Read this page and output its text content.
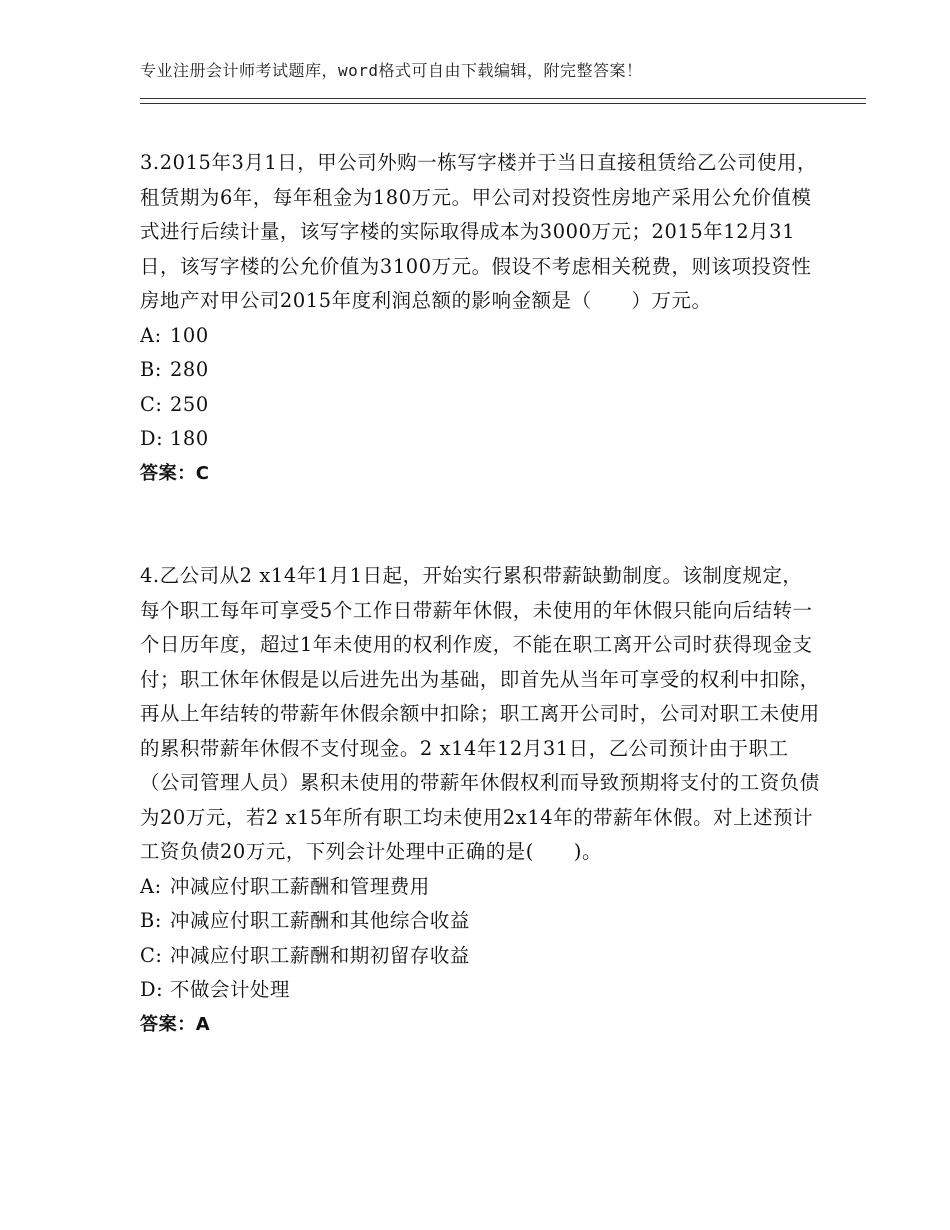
专业注册会计师考试题库，word格式可自由下载编辑，附完整答案！

3.2015年3月1日，甲公司外购一栋写字楼并于当日直接租赁给乙公司使用，租赁期为6年，每年租金为180万元。甲公司对投资性房地产采用公允价值模式进行后续计量，该写字楼的实际取得成本为3000万元；2015年12月31日，该写字楼的公允价值为3100万元。假设不考虑相关税费，则该项投资性房地产对甲公司2015年度利润总额的影响金额是（　　）万元。

A: 100

B: 280

C: 250

D: 180

答案：C

4.乙公司从2 x14年1月1日起，开始实行累积带薪缺勤制度。该制度规定，每个职工每年可享受5个工作日带薪年休假，未使用的年休假只能向后结转一个日历年度，超过1年未使用的权利作废，不能在职工离开公司时获得现金支付；职工休年休假是以后进先出为基础，即首先从当年可享受的权利中扣除，再从上年结转的带薪年休假余额中扣除；职工离开公司时，公司对职工未使用的累积带薪年休假不支付现金。2 x14年12月31日，乙公司预计由于职工（公司管理人员）累积未使用的带薪年休假权利而导致预期将支付的工资负债为20万元，若2 x15年所有职工均未使用2x14年的带薪年休假。对上述预计工资负债20万元，下列会计处理中正确的是(　　)。

A: 冲减应付职工薪酬和管理费用

B: 冲减应付职工薪酬和其他综合收益

C: 冲减应付职工薪酬和期初留存收益

D: 不做会计处理

答案：A
